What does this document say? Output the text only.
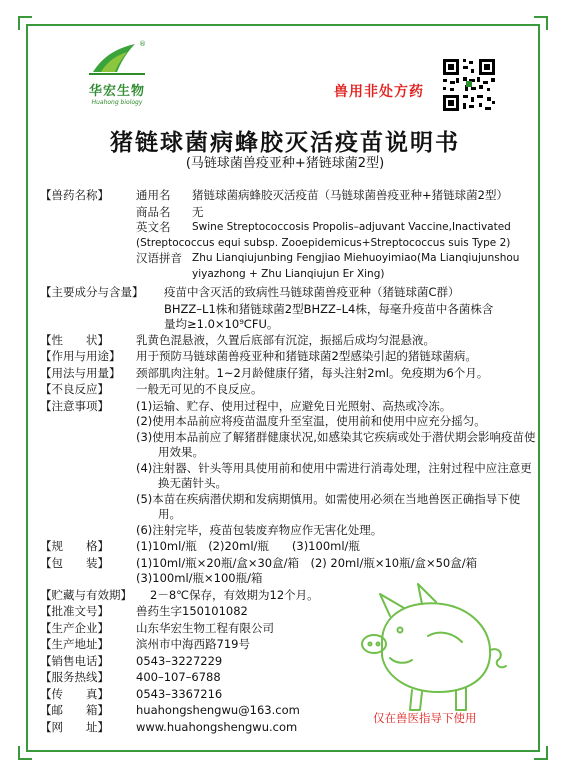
®
华宏生物
Huahong biology
兽用非处方药
猪链球菌病蜂胶灭活疫苗说明书
(马链球菌兽疫亚种+猪链球菌2型)
【兽药名称】	通用名	猪链球菌病蜂胶灭活疫苗（马链球菌兽疫亚种+猪链球菌2型）
商品名	无
英文名	Swine Streptococcosis Propolis–adjuvant Vaccine,Inactivated
(Streptococcus equi subsp. Zooepidemicus+Streptococcus suis Type 2)
汉语拼音 Zhu Lianqiujunbing Fengjiao Miehuoyimiao(Ma Lianqiujunshou
yiyazhong + Zhu Lianqiujun Er Xing)
【主要成分与含量】	疫苗中含灭活的致病性马链球菌兽疫亚种（猪链球菌C群）
BHZZ–L1株和猪链球菌2型BHZZ–L4株，每毫升疫苗中各菌株含
量均≥1.0×10⁹CFU。
【性　　状】	乳黄色混悬液，久置后底部有沉淀，振摇后成均匀混悬液。
【作用与用途】	用于预防马链球菌兽疫亚种和猪链球菌2型感染引起的猪链球菌病。
【用法与用量】	颈部肌肉注射。1~2月龄健康仔猪，每头注射2ml。免疫期为6个月。
【不良反应】	一般无可见的不良反应。
【注意事项】	(1)运输、贮存、使用过程中，应避免日光照射、高热或冷冻。
(2)使用本品前应将疫苗温度升至室温，使用前和使用中应充分摇匀。
(3)使用本品前应了解猪群健康状况,如感染其它疾病或处于潜伏期会影响疫苗使用效果。
(4)注射器、针头等用具使用前和使用中需进行消毒处理，注射过程中应注意更换无菌针头。
(5)本苗在疾病潜伏期和发病期慎用。如需使用必须在当地兽医正确指导下使用。
(6)注射完毕，疫苗包装废弃物应作无害化处理。
【规　　格】	(1)10ml/瓶　(2)20ml/瓶　　(3)100ml/瓶
【包　　装】	(1)10ml/瓶×20瓶/盒×30盒/箱　(2) 20ml/瓶×10瓶/盒×50盒/箱
(3)100ml/瓶×100瓶/箱
【贮藏与有效期】	2－8℃保存，有效期为12个月。
【批准文号】	兽药生字150101082
【生产企业】	山东华宏生物工程有限公司
【生产地址】	滨州市中海西路719号
【销售电话】	0543–3227229
【服务热线】	400–107–6788
【传　　真】	0543–3367216
【邮　　箱】	huahongshengwu@163.com
【网　　址】	www.huahongshengwu.com
仅在兽医指导下使用
